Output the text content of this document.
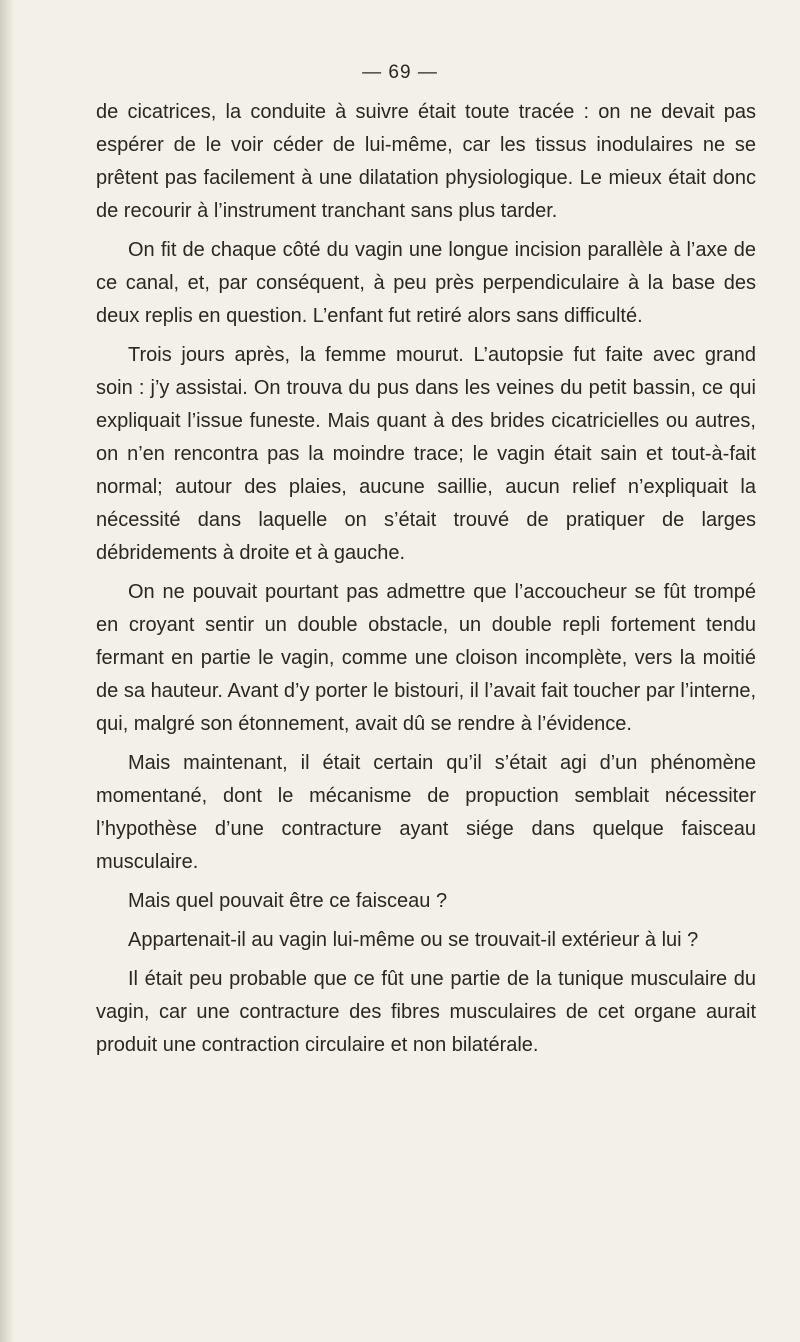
— 69 —

de cicatrices, la conduite à suivre était toute tracée : on ne devait pas espérer de le voir céder de lui-même, car les tissus inodulaires ne se prêtent pas facilement à une dilatation physiologique. Le mieux était donc de recourir à l’instrument tranchant sans plus tarder.

On fit de chaque côté du vagin une longue incision parallèle à l’axe de ce canal, et, par conséquent, à peu près perpendiculaire à la base des deux replis en question. L’enfant fut retiré alors sans difficulté.

Trois jours après, la femme mourut. L’autopsie fut faite avec grand soin : j’y assistai. On trouva du pus dans les veines du petit bassin, ce qui expliquait l’issue funeste. Mais quant à des brides cicatricielles ou autres, on n’en rencontra pas la moindre trace; le vagin était sain et tout-à-fait normal; autour des plaies, aucune saillie, aucun relief n’expliquait la nécessité dans laquelle on s’était trouvé de pratiquer de larges débridements à droite et à gauche.

On ne pouvait pourtant pas admettre que l’accoucheur se fût trompé en croyant sentir un double obstacle, un double repli fortement tendu fermant en partie le vagin, comme une cloison incomplète, vers la moitié de sa hauteur. Avant d’y porter le bistouri, il l’avait fait toucher par l’interne, qui, malgré son étonnement, avait dû se rendre à l’évidence.

Mais maintenant, il était certain qu’il s’était agi d’un phénomène momentané, dont le mécanisme de propuction semblait nécessiter l’hypothèse d’une contracture ayant siége dans quelque faisceau musculaire.

Mais quel pouvait être ce faisceau ?

Appartenait-il au vagin lui-même ou se trouvait-il extérieur à lui ?

Il était peu probable que ce fût une partie de la tunique musculaire du vagin, car une contracture des fibres musculaires de cet organe aurait produit une contraction circulaire et non bilatérale.
